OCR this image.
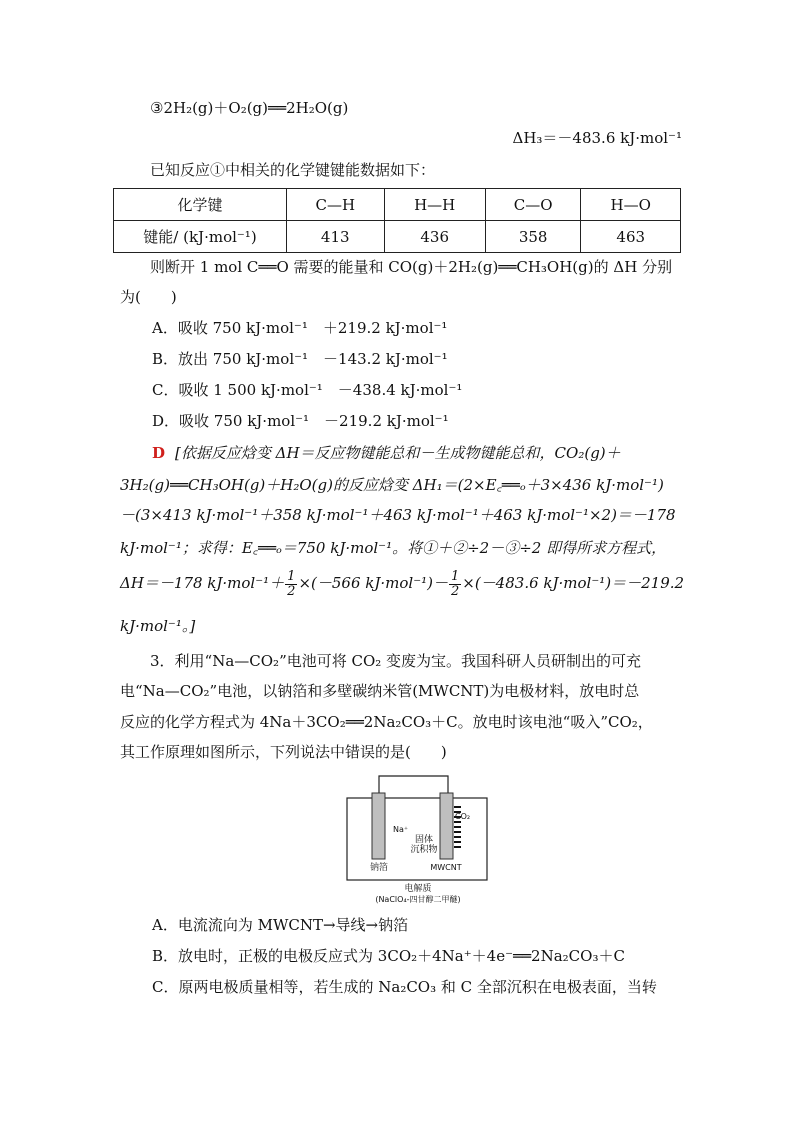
③2H₂(g)＋O₂(g)══2H₂O(g)
ΔH₃＝－483.6 kJ·mol⁻¹
已知反应①中相关的化学键键能数据如下：
化学键	C—H	H—H	C—O	H—O
键能/ (kJ·mol⁻¹)	413	436	358	463
则断开 1 mol C══O 需要的能量和 CO(g)＋2H₂(g)══CH₃OH(g)的 ΔH 分别
为(　　)
A．吸收 750 kJ·mol⁻¹　＋219.2 kJ·mol⁻¹
B．放出 750 kJ·mol⁻¹　－143.2 kJ·mol⁻¹
C．吸收 1 500 kJ·mol⁻¹　－438.4 kJ·mol⁻¹
D．吸收 750 kJ·mol⁻¹　－219.2 kJ·mol⁻¹
D [依据反应焓变 ΔH＝反应物键能总和－生成物键能总和，CO₂(g)＋
3H₂(g)══CH₃OH(g)＋H₂O(g)的反应焓变 ΔH₁＝(2×E꜀══ₒ＋3×436 kJ·mol⁻¹)
－(3×413 kJ·mol⁻¹＋358 kJ·mol⁻¹＋463 kJ·mol⁻¹＋463 kJ·mol⁻¹×2)＝－178
kJ·mol⁻¹；求得：E꜀══ₒ＝750 kJ·mol⁻¹。将①＋②÷2－③÷2 即得所求方程式，
ΔH＝－178 $kJ\cdot mol^{-1}+ \frac{1}{2} \times(-566$ $kJ\cdot mol^{-1})- \frac{1}{2} \times(-483.6$ kJ·mol⁻¹)＝－219.2
kJ·mol⁻¹。]
3．利用“Na—CO₂”电池可将 CO₂ 变废为宝。我国科研人员研制出的可充
电“Na—CO₂”电池，以钠箔和多壁碳纳米管(MWCNT)为电极材料，放电时总
反应的化学方程式为 4Na＋3CO₂══2Na₂CO₃＋C。放电时该电池“吸入”CO₂，
其工作原理如图所示，下列说法中错误的是(　　)
Na⁺
CO₂
固体
沉积物
钠箔	MWCNT
电解质
(NaClO₄-四甘醇二甲醚)
A．电流流向为 MWCNT→导线→钠箔
B．放电时，正极的电极反应式为 3CO₂＋4Na⁺＋4e⁻══2Na₂CO₃＋C
C．原两电极质量相等，若生成的 Na₂CO₃ 和 C 全部沉积在电极表面，当转
